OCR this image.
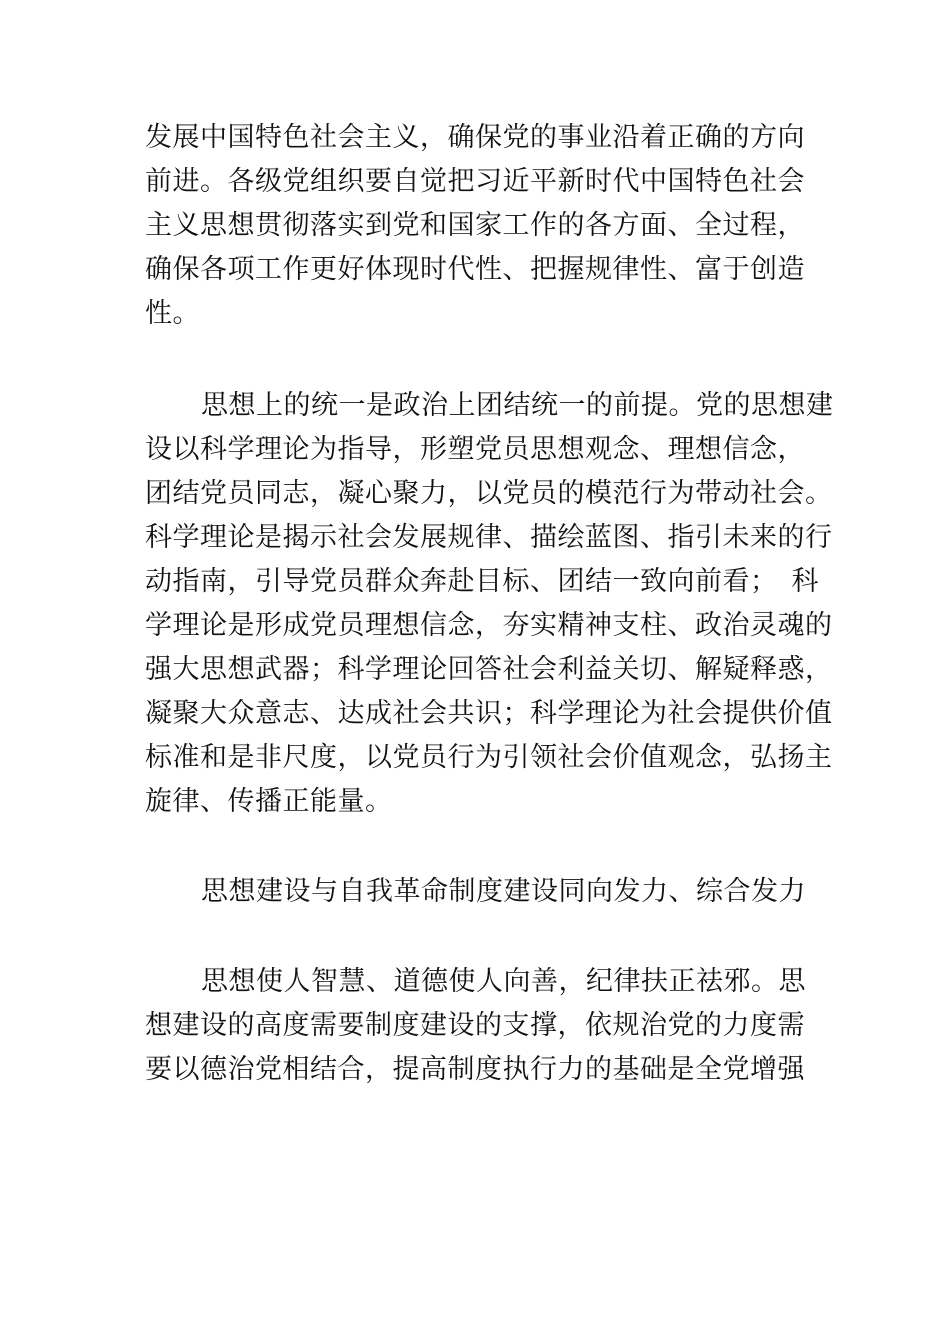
发展中国特色社会主义，确保党的事业沿着正确的方向
前进。各级党组织要自觉把习近平新时代中国特色社会
主义思想贯彻落实到党和国家工作的各方面、全过程，
确保各项工作更好体现时代性、把握规律性、富于创造
性。
思想上的统一是政治上团结统一的前提。党的思想建
设以科学理论为指导，形塑党员思想观念、理想信念，
团结党员同志，凝心聚力，以党员的模范行为带动社会。
科学理论是揭示社会发展规律、描绘蓝图、指引未来的行
动指南，引导党员群众奔赴目标、团结一致向前看；　科
学理论是形成党员理想信念，夯实精神支柱、政治灵魂的
强大思想武器；科学理论回答社会利益关切、解疑释惑，
凝聚大众意志、达成社会共识；科学理论为社会提供价值
标准和是非尺度，以党员行为引领社会价值观念，弘扬主
旋律、传播正能量。
思想建设与自我革命制度建设同向发力、综合发力
思想使人智慧、道德使人向善，纪律扶正祛邪。思
想建设的高度需要制度建设的支撑，依规治党的力度需
要以德治党相结合，提高制度执行力的基础是全党增强
